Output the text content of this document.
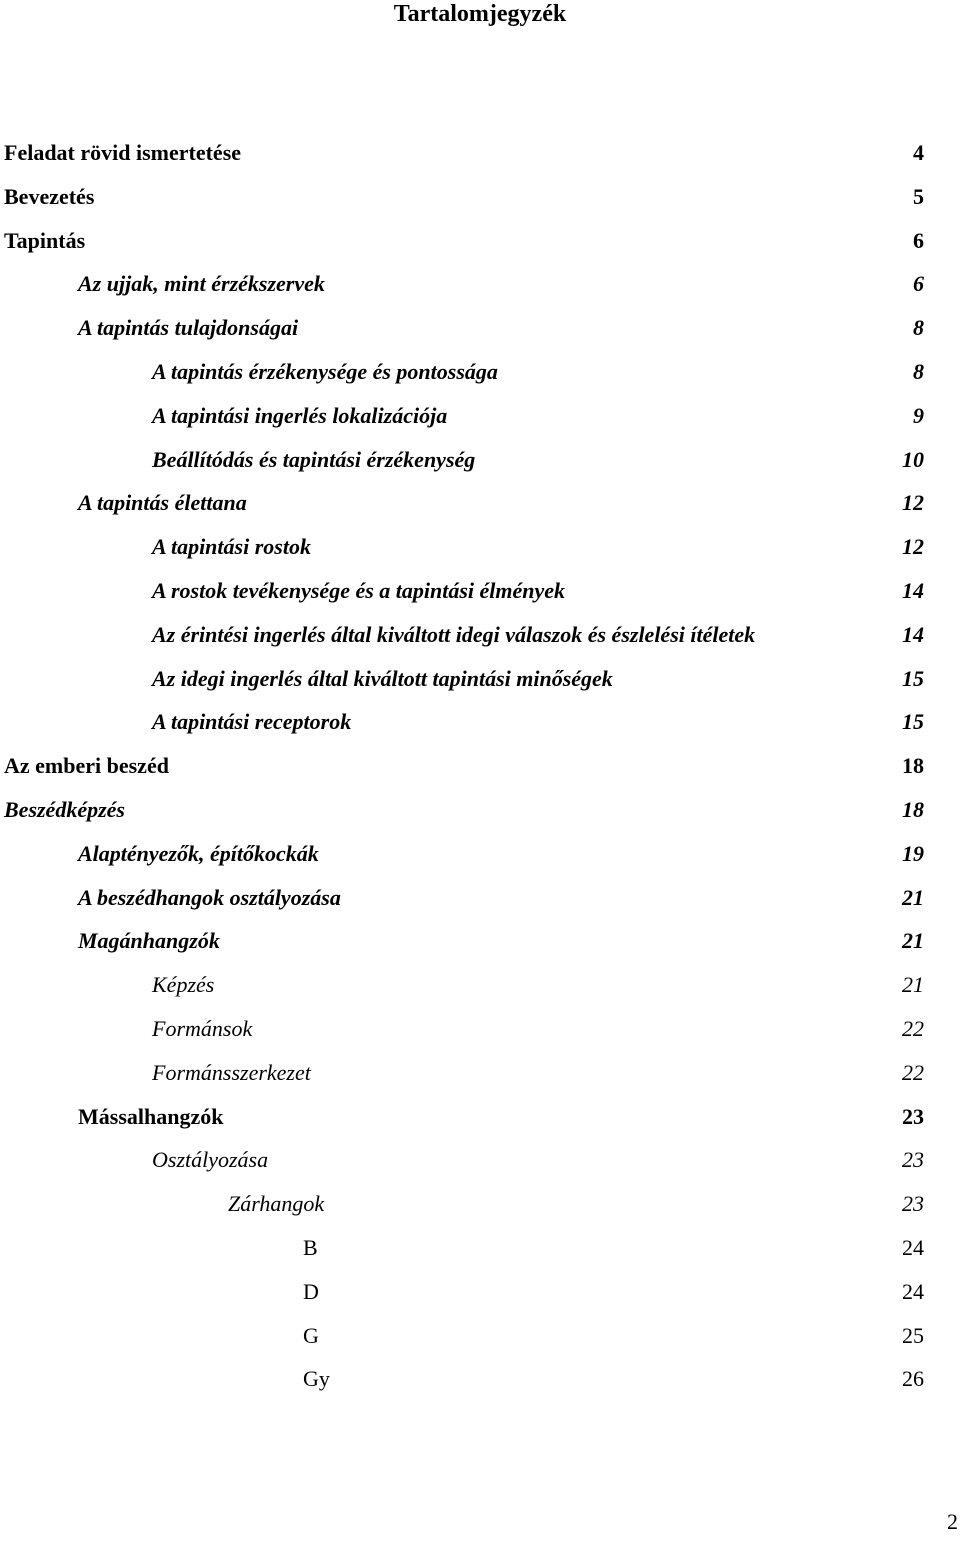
Tartalomjegyzék
Feladat rövid ismertetése	4
Bevezetés	5
Tapintás	6
Az ujjak, mint érzékszervek	6
A tapintás tulajdonságai	8
A tapintás érzékenysége és pontossága	8
A tapintási ingerlés lokalizációja	9
Beállítódás és tapintási érzékenység	10
A tapintás élettana	12
A tapintási rostok	12
A rostok tevékenysége és a tapintási élmények	14
Az érintési ingerlés által kiváltott idegi válaszok és észlelési ítéletek	14
Az idegi ingerlés által kiváltott tapintási minőségek	15
A tapintási receptorok	15
Az emberi beszéd	18
Beszédképzés	18
Alaptényezők, építőkockák	19
A beszédhangok osztályozása	21
Magánhangzók	21
Képzés	21
Formánsok	22
Formánsszerkezet	22
Mássalhangzók	23
Osztályozása	23
Zárhangok	23
B	24
D	24
G	25
Gy	26
2
